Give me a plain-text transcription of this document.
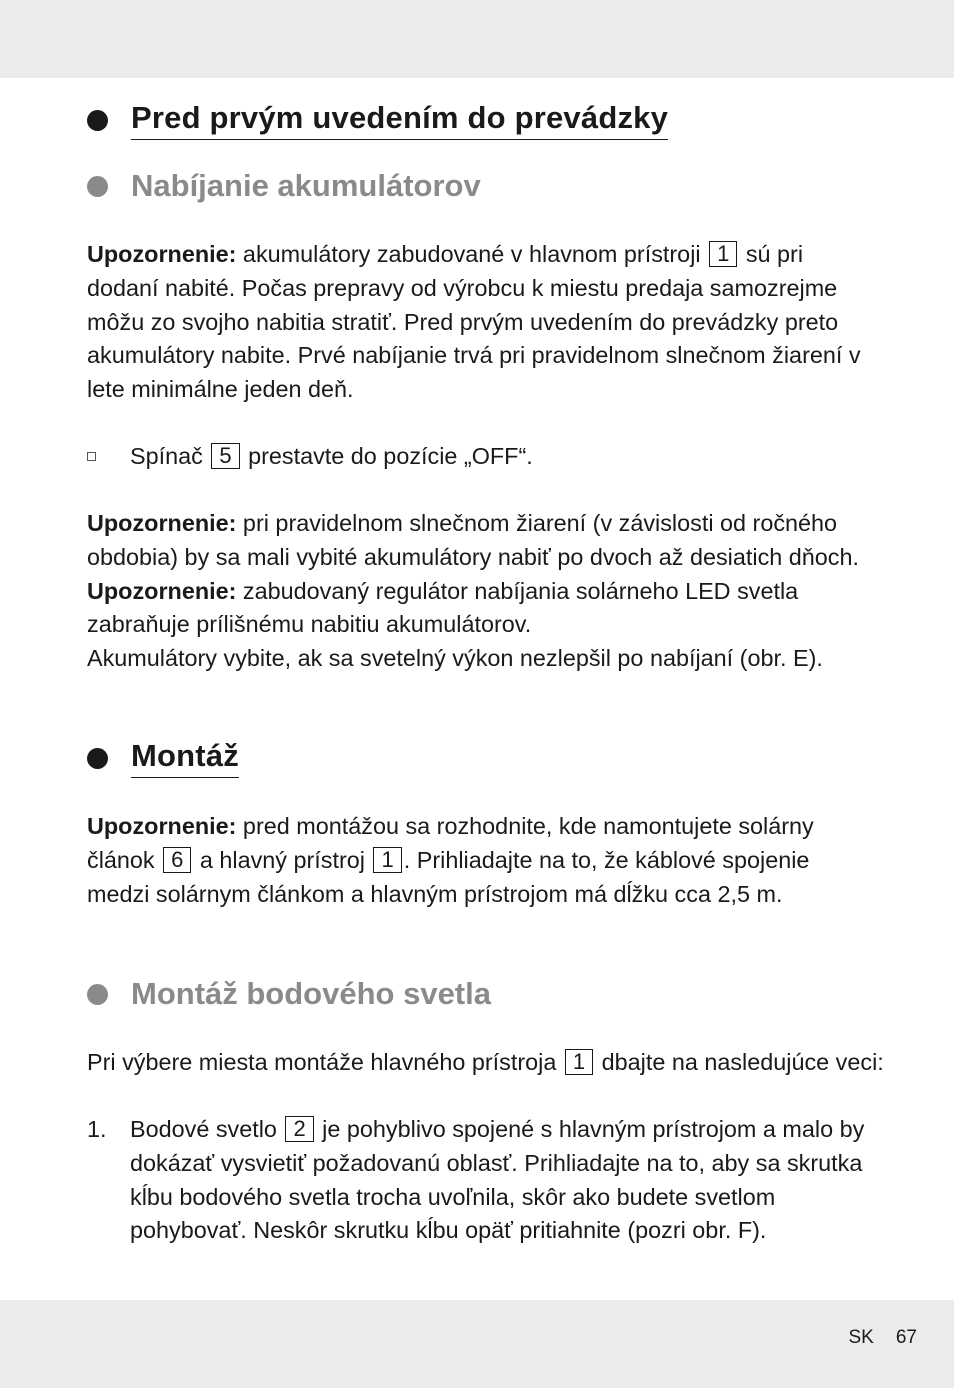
Pred prvým uvedením do prevádzky
Nabíjanie akumulátorov

Upozornenie: akumulátory zabudované v hlavnom prístroji 1 sú pri dodaní nabité. Počas prepravy od výrobcu k miestu predaja samozrejme môžu zo svojho nabitia stratiť. Pred prvým uvedením do prevádzky preto akumulátory nabite. Prvé nabíjanie trvá pri pravidelnom slnečnom žiarení v lete minimálne jeden deň.

Spínač 5 prestavte do pozície „OFF“.

Upozornenie: pri pravidelnom slnečnom žiarení (v závislosti od ročného obdobia) by sa mali vybité akumulátory nabiť po dvoch až desiatich dňoch.
Upozornenie: zabudovaný regulátor nabíjania solárneho LED svetla zabraňuje prílišnému nabitiu akumulátorov.
Akumulátory vybite, ak sa svetelný výkon nezlepšil po nabíjaní (obr. E).

Montáž

Upozornenie: pred montážou sa rozhodnite, kde namontujete solárny článok 6 a hlavný prístroj 1 . Prihliadajte na to, že káblové spojenie medzi solárnym článkom a hlavným prístrojom má dĺžku cca 2,5 m.

Montáž bodového svetla

Pri výbere miesta montáže hlavného prístroja 1 dbajte na nasledujúce veci:

1. Bodové svetlo 2 je pohyblivo spojené s hlavným prístrojom a malo by dokázať vysvietiť požadovanú oblasť. Prihliadajte na to, aby sa skrutka kĺbu bodového svetla trocha uvoľnila, skôr ako budete svetlom pohybovať. Neskôr skrutku kĺbu opäť pritiahnite (pozri obr. F).
SK 67
